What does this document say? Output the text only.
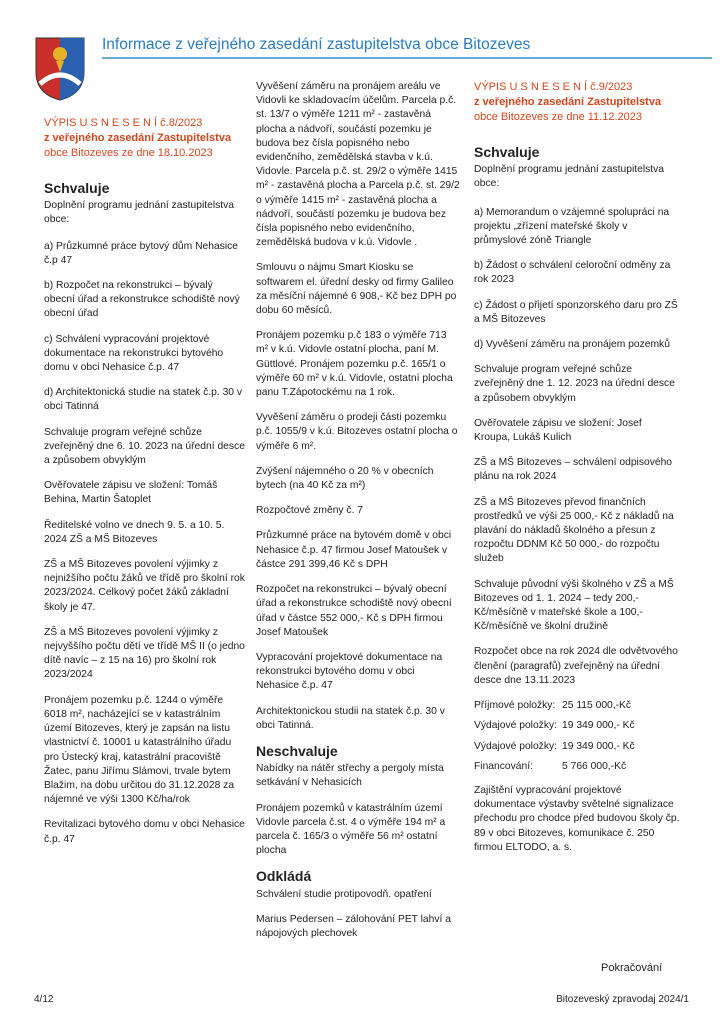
Informace z veřejného zasedání zastupitelstva obce Bitozeves
VÝPIS U S N E S E N Í č.8/2023
z veřejného zasedání Zastupitelstva
obce Bitozeves ze dne 18.10.2023
Schvaluje

Doplnění programu jednání zastupitelstva obce:

a) Průzkumné práce bytový dům Nehasice č.p 47

b) Rozpočet na rekonstrukci – bývalý obecní úřad a rekonstrukce schodiště nový obecní úřad

c) Schválení vypracování projektové dokumentace na rekonstrukci bytového domu v obci Nehasice č.p. 47

d) Architektonická studie na statek č.p. 30 v obci Tatinná

Schvaluje program veřejné schůze zveřejněný dne 6. 10. 2023 na úřední desce a způsobem obvyklým

Ověřovatele zápisu ve složení: Tomáš Behina, Martin Šatoplet

Ředitelské volno ve dnech 9. 5. a 10. 5. 2024 ZŠ a MŠ Bitozeves

ZŠ a MŠ Bitozeves povolení výjimky z nejnižšího počtu žáků ve třídě pro školní rok 2023/2024. Celkový počet žáků základní školy je 47.

ZŠ a MŠ Bitozeves povolení výjimky z nejvyššího počtu dětí ve třídě MŠ II (o jedno dítě navíc – z 15 na 16) pro školní rok 2023/2024

Pronájem pozemku p.č. 1244 o výměře 6018 m², nacházející se v katastrálním území Bitozeves, který je zapsán na listu vlastnictví č. 10001 u katastrálního úřadu pro Ústecký kraj, katastrální pracoviště Žatec, panu Jiřímu Slámovi, trvale bytem Blažim, na dobu určitou do 31.12.2028 za nájemné ve výši 1300 Kč/ha/rok

Revitalizaci bytového domu v obci Nehasice č.p. 47

Vyvěšení záměru na pronájem areálu ve Vidovli ke skladovacím účelům. Parcela p.č. st. 13/7 o výměře 1211 m² - zastavěná plocha a nádvoří, součástí pozemku je budova bez čísla popisného nebo evidenčního, zemědělská stavba v k.ú. Vidovle. Parcela p.č. st. 29/2 o výměře 1415 m² - zastavěná plocha a Parcela p.č. st. 29/2 o výměře 1415 m² - zastavěná plocha a nádvoří, součástí pozemku je budova bez čísla popisného nebo evidenčního, zemědělská budova v k.ú. Vidovle .

Smlouvu o nájmu Smart Kiosku se softwarem el. úřední desky od firmy Galileo za měsíční nájemné 6 908,- Kč bez DPH po dobu 60 měsíců.

Pronájem pozemku p.č 183 o výměře 713 m² v k.ú. Vidovle ostatní plocha, paní M. Güttlové. Pronájem pozemku p.č. 165/1 o výměře 60 m² v k.ú. Vidovle, ostatní plocha panu T.Zápotockému na 1 rok.

Vyvěšení záměru o prodeji části pozemku p.č. 1055/9 v k.ú. Bitozeves ostatní plocha o výměře 6 m².

Zvýšení nájemného o 20 % v obecních bytech (na 40 Kč za m²)

Rozpočtové změny č. 7

Průzkumné práce na bytovém domě v obci Nehasice č.p. 47 firmou Josef Matoušek v částce 291 399,46 Kč s DPH

Rozpočet na rekonstrukci – bývalý obecní úřad a rekonstrukce schodiště nový obecní úřad v částce 552 000,- Kč s DPH firmou Josef Matoušek

Vypracování projektové dokumentace na rekonstrukci bytového domu v obci Nehasice č.p. 47

Architektonickou studii na statek č.p. 30 v obci Tatinná.

Neschvaluje

Nabídky na nátěr střechy a pergoly místa setkávání v Nehasicích

Pronájem pozemků v katastrálním území Vidovle parcela č.st. 4 o výměře 194 m² a parcela č. 165/3 o výměře 56 m² ostatní plocha

Odkládá

Schválení studie protipovodň. opatření

Marius Pedersen – zálohování PET lahví a nápojových plechovek

VÝPIS U S N E S E N Í č.9/2023
z veřejného zasedání Zastupitelstva
obce Bitozeves ze dne 11.12.2023
Schvaluje

Doplnění programu jednání zastupitelstva obce:

a) Memorandum o vzájemné spolupráci na projektu „zřízení mateřské školy v průmyslové zóně Triangle

b) Žádost o schválení celoroční odměny za rok 2023

c) Žádost o přijetí sponzorského daru pro ZŠ a MŠ Bitozeves

d) Vyvěšení záměru na pronájem pozemků

Schvaluje program veřejné schůze zveřejněný dne 1. 12. 2023 na úřední desce a způsobem obvyklým

Ověřovatele zápisu ve složení: Josef Kroupa, Lukáš Kulich

ZŠ a MŠ Bitozeves – schválení odpisového plánu na rok 2024

ZŠ a MŠ Bitozeves převod finančních prostředků ve výši 25 000,- Kč z nákladů na plavání do nákladů školného a přesun z rozpočtu DDNM Kč 50 000,- do rozpočtu služeb

Schvaluje původní výši školného v ZŠ a MŠ Bitozeves od 1. 1. 2024 – tedy 200,- Kč/měsíčně v mateřské škole a 100,- Kč/měsíčně ve školní družině

Rozpočet obce na rok 2024 dle odvětvového členění (paragrafů) zveřejněný na úřední desce dne 13.11.2023

Příjmové položky: 25 115 000,-Kč
Výdajové položky: 19 349 000,- Kč
Výdajové položky: 19 349 000,- Kč
Financování:	5 766 000,-Kč

Zajištění vypracování projektové dokumentace výstavby světelné signalizace přechodu pro chodce před budovou školy čp. 89 v obci Bitozeves, komunikace č. 250 firmou ELTODO, a. s.

Pokračování
4/12	Bitozeveský zpravodaj 2024/1
